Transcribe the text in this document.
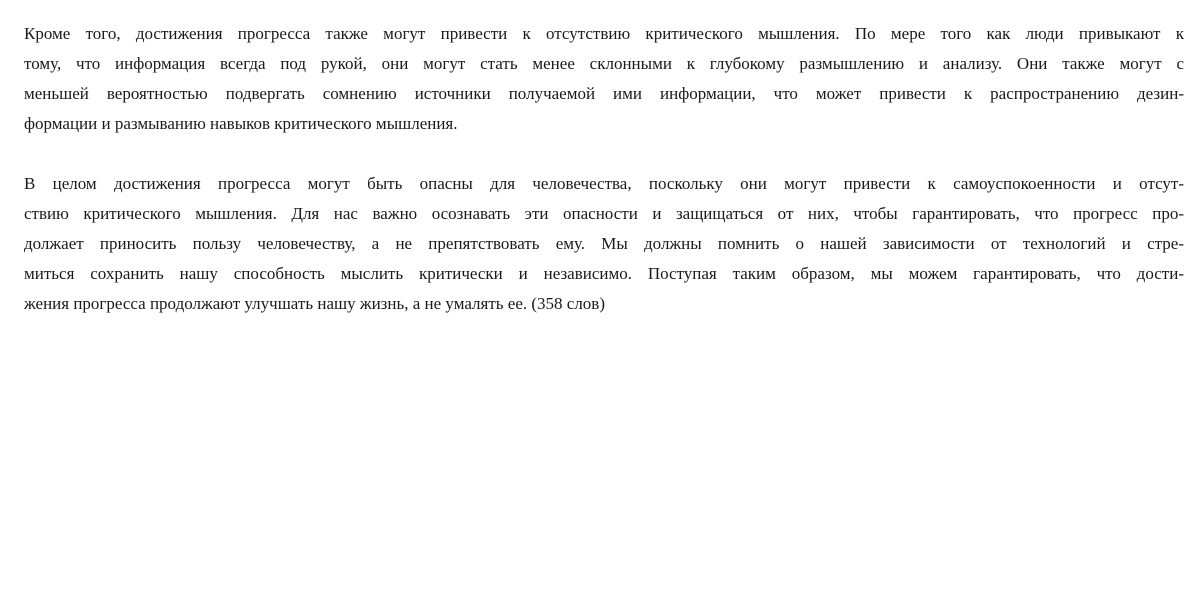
Кроме того, достижения прогресса также могут привести к отсутствию критического мышления. По мере того как люди привыкают к
тому, что информация всегда под рукой, они могут стать менее склонными к глубокому размышлению и анализу. Они также могут с
меньшей вероятностью подвергать сомнению источники получаемой ими информации, что может привести к распространению дезин-
формации и размыванию навыков критического мышления.

В целом достижения прогресса могут быть опасны для человечества, поскольку они могут привести к самоуспокоенности и отсут-
ствию критического мышления. Для нас важно осознавать эти опасности и защищаться от них, чтобы гарантировать, что прогресс про-
должает приносить пользу человечеству, а не препятствовать ему. Мы должны помнить о нашей зависимости от технологий и стре-
миться сохранить нашу способность мыслить критически и независимо. Поступая таким образом, мы можем гарантировать, что дости-
жения прогресса продолжают улучшать нашу жизнь, а не умалять ее. (358 слов)
